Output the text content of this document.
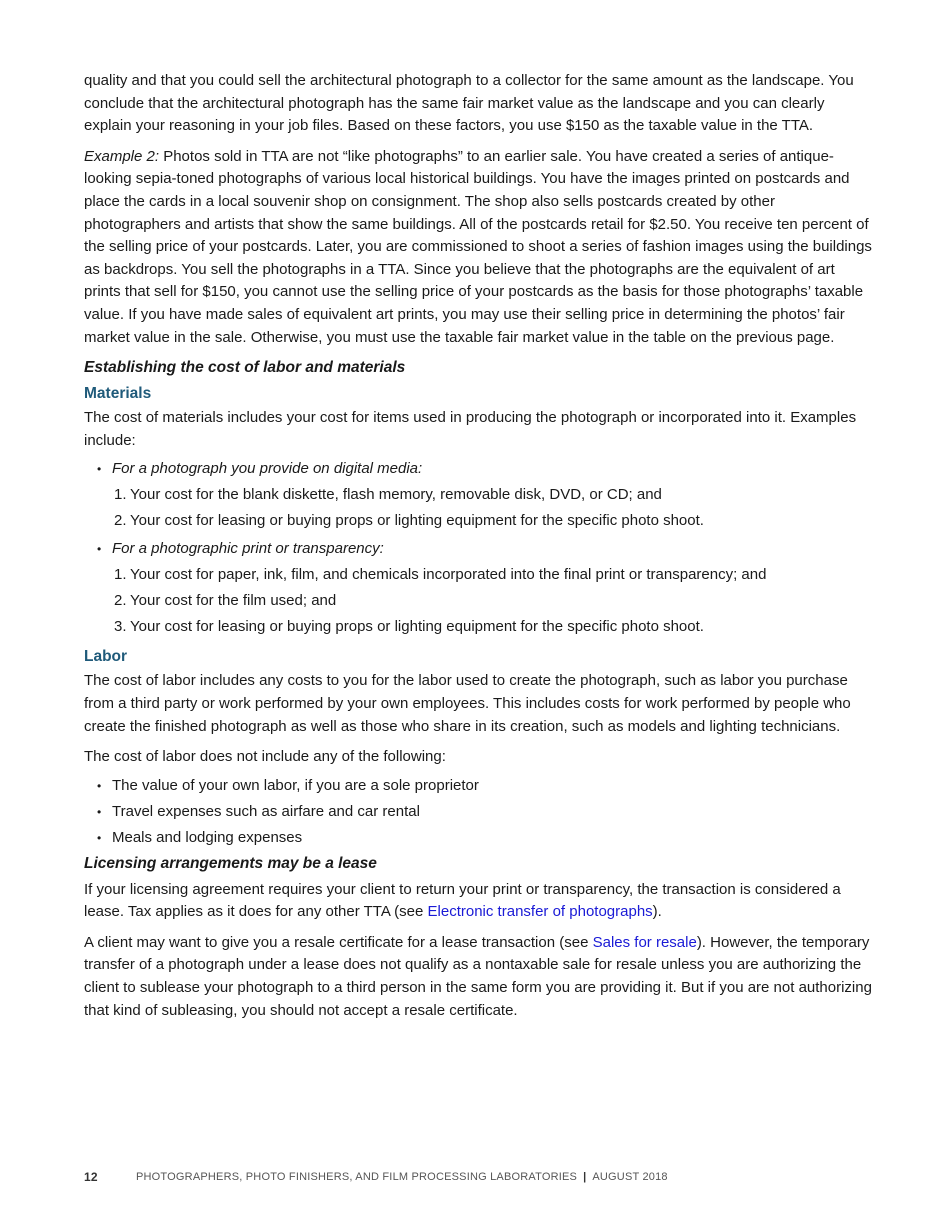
quality and that you could sell the architectural photograph to a collector for the same amount as the landscape. You conclude that the architectural photograph has the same fair market value as the landscape and you can clearly explain your reasoning in your job files. Based on these factors, you use $150 as the taxable value in the TTA.

Example 2: Photos sold in TTA are not “like photographs” to an earlier sale. You have created a series of antique-looking sepia-toned photographs of various local historical buildings. You have the images printed on postcards and place the cards in a local souvenir shop on consignment. The shop also sells postcards created by other photographers and artists that show the same buildings. All of the postcards retail for $2.50. You receive ten percent of the selling price of your postcards. Later, you are commissioned to shoot a series of fashion images using the buildings as backdrops. You sell the photographs in a TTA. Since you believe that the photographs are the equivalent of art prints that sell for $150, you cannot use the selling price of your postcards as the basis for those photographs’ taxable value. If you have made sales of equivalent art prints, you may use their selling price in determining the photos’ fair market value in the sale. Otherwise, you must use the taxable fair market value in the table on the previous page.

Establishing the cost of labor and materials
Materials

The cost of materials includes your cost for items used in producing the photograph or incorporated into it. Examples include:

• For a photograph you provide on digital media:
1. Your cost for the blank diskette, flash memory, removable disk, DVD, or CD; and
2. Your cost for leasing or buying props or lighting equipment for the specific photo shoot.
• For a photographic print or transparency:
1. Your cost for paper, ink, film, and chemicals incorporated into the final print or transparency; and
2. Your cost for the film used; and
3. Your cost for leasing or buying props or lighting equipment for the specific photo shoot.
Labor

The cost of labor includes any costs to you for the labor used to create the photograph, such as labor you purchase from a third party or work performed by your own employees. This includes costs for work performed by people who create the finished photograph as well as those who share in its creation, such as models and lighting technicians.

The cost of labor does not include any of the following:

• The value of your own labor, if you are a sole proprietor
• Travel expenses such as airfare and car rental
• Meals and lodging expenses
Licensing arrangements may be a lease

If your licensing agreement requires your client to return your print or transparency, the transaction is considered a lease. Tax applies as it does for any other TTA (see Electronic transfer of photographs).

A client may want to give you a resale certificate for a lease transaction (see Sales for resale). However, the temporary transfer of a photograph under a lease does not qualify as a nontaxable sale for resale unless you are authorizing the client to sublease your photograph to a third person in the same form you are providing it. But if you are not authorizing that kind of subleasing, you should not accept a resale certificate.

12	PHOTOGRAPHERS, PHOTO FINISHERS, AND FILM PROCESSING LABORATORIES | AUGUST 2018
